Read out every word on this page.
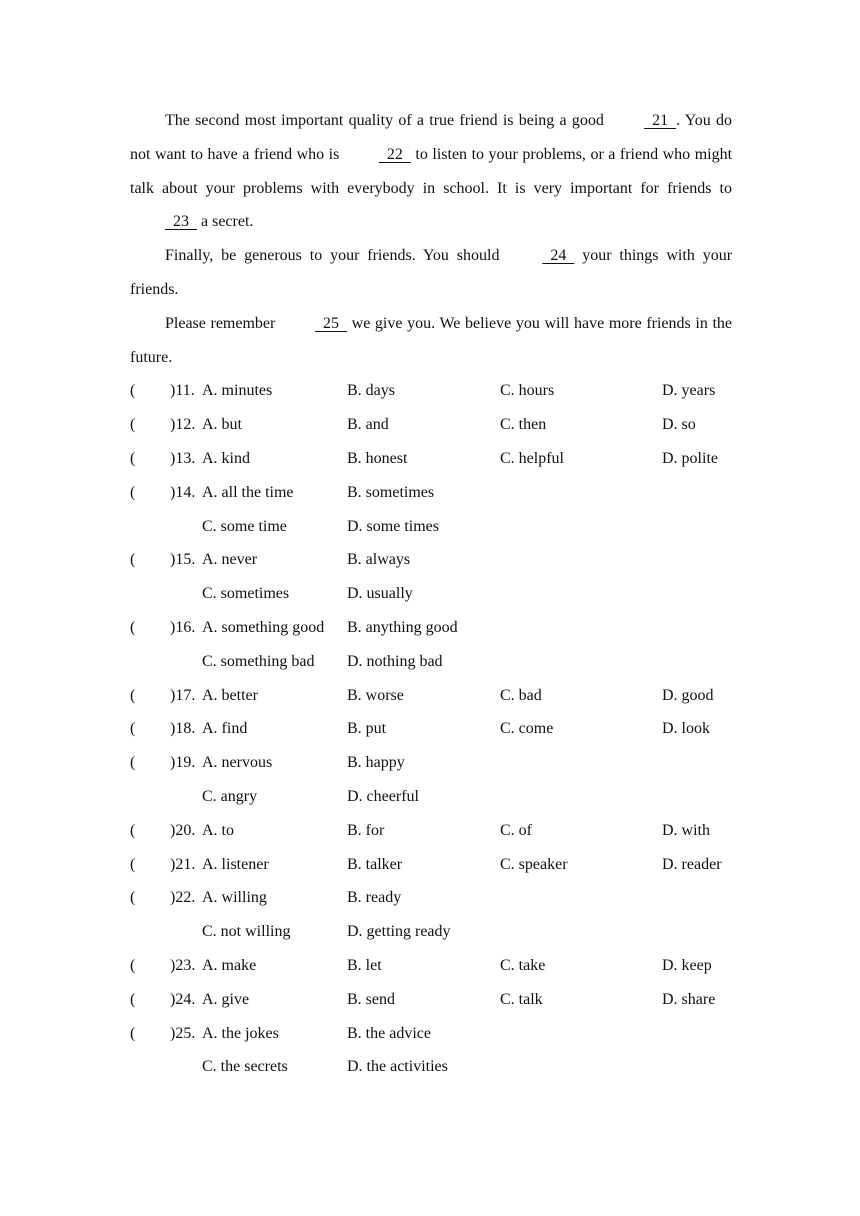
The second most important quality of a true friend is being a good	21  . You do not want to have a friend who is   22   to listen to your problems, or a friend who might talk about your problems with everybody in school. It is very important for friends to   23   a secret.

Finally, be generous to your friends. You should	24   your things with your friends.

Please remember   25   we give you. We believe you will have more friends in the future.

( )11. A. minutes	B. days	C. hours	D. years
( )12. A. but	B. and	C. then	D. so
( )13. A. kind	B. honest	C. helpful	D. polite
( )14. A. all the time	B. sometimes
C. some time	D. some times
( )15. A. never	B. always
C. sometimes	D. usually
( )16. A. something good B. anything good
C. something bad D. nothing bad
( )17. A. better	B. worse	C. bad	D. good
( )18. A. find	B. put	C. come	D. look
( )19. A. nervous	B. happy
C. angry	D. cheerful
( )20. A. to	B. for	C. of	D. with
( )21. A. listener	B. talker	C. speaker	D. reader
( )22. A. willing	B. ready
C. not willing	D. getting ready
( )23. A. make	B. let	C. take	D. keep
( )24. A. give	B. send	C. talk	D. share
( )25. A. the jokes	B. the advice
C. the secrets	D. the activities
